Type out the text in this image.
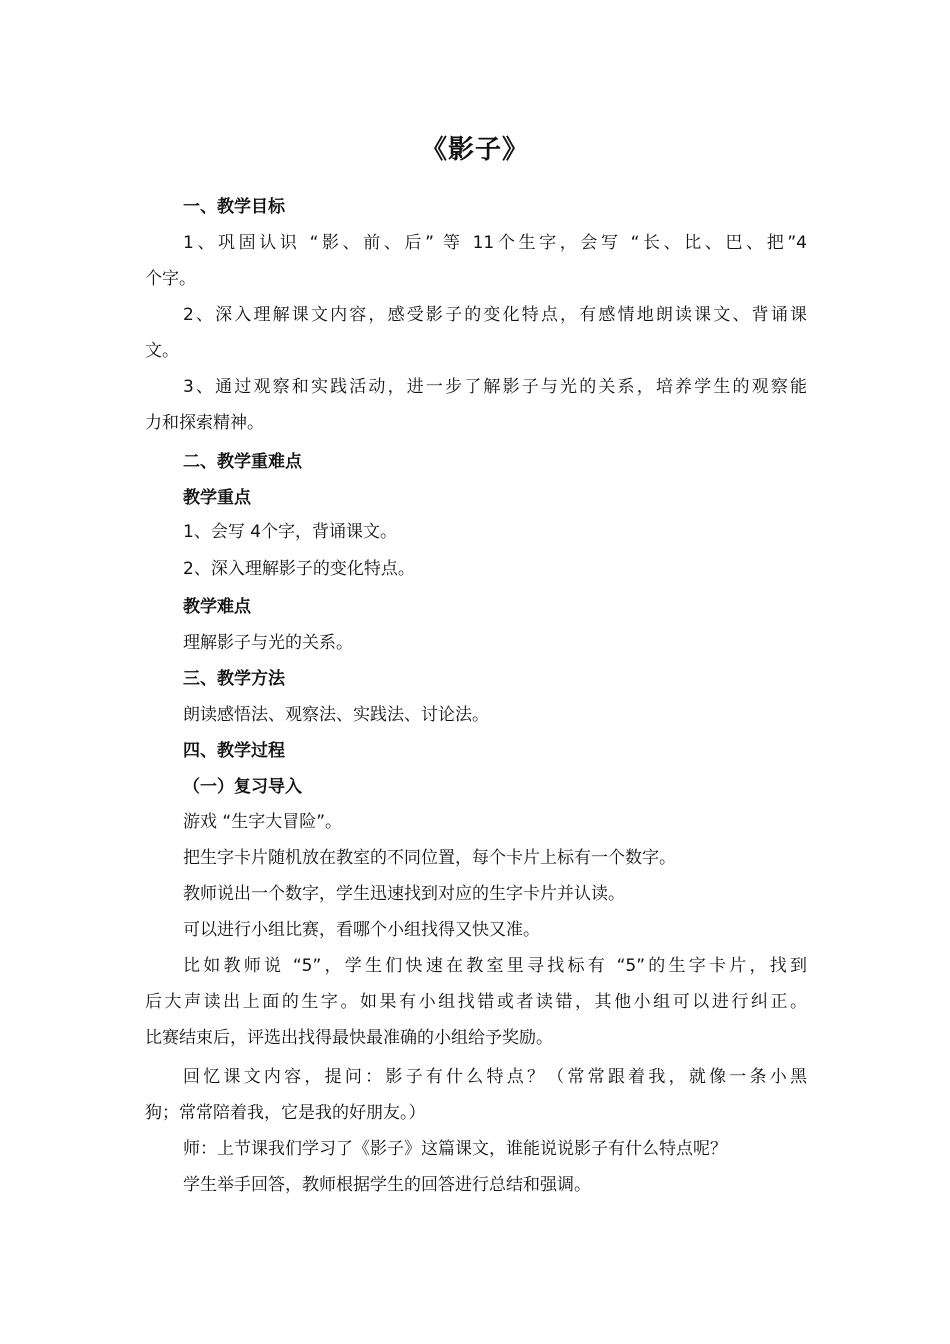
《影子》
一、教学目标
1、巩固认识 “影、前、后” 等 11个生字，会写 “长、比、巴、把”4
个字。
2、深入理解课文内容，感受影子的变化特点，有感情地朗读课文、背诵课
文。
3、通过观察和实践活动，进一步了解影子与光的关系，培养学生的观察能
力和探索精神。
二、教学重难点
教学重点
1、会写 4个字，背诵课文。
2、深入理解影子的变化特点。
教学难点
理解影子与光的关系。
三、教学方法
朗读感悟法、观察法、实践法、讨论法。
四、教学过程
（一）复习导入
游戏 “生字大冒险”。
把生字卡片随机放在教室的不同位置，每个卡片上标有一个数字。
教师说出一个数字，学生迅速找到对应的生字卡片并认读。
可以进行小组比赛，看哪个小组找得又快又准。
比如教师说 “5”，学生们快速在教室里寻找标有 “5”的生字卡片，找到
后大声读出上面的生字。如果有小组找错或者读错，其他小组可以进行纠正。
比赛结束后，评选出找得最快最准确的小组给予奖励。
回忆课文内容，提问：影子有什么特点？（常常跟着我，就像一条小黑
狗；常常陪着我，它是我的好朋友。）
师：上节课我们学习了《影子》这篇课文，谁能说说影子有什么特点呢？
学生举手回答，教师根据学生的回答进行总结和强调。
